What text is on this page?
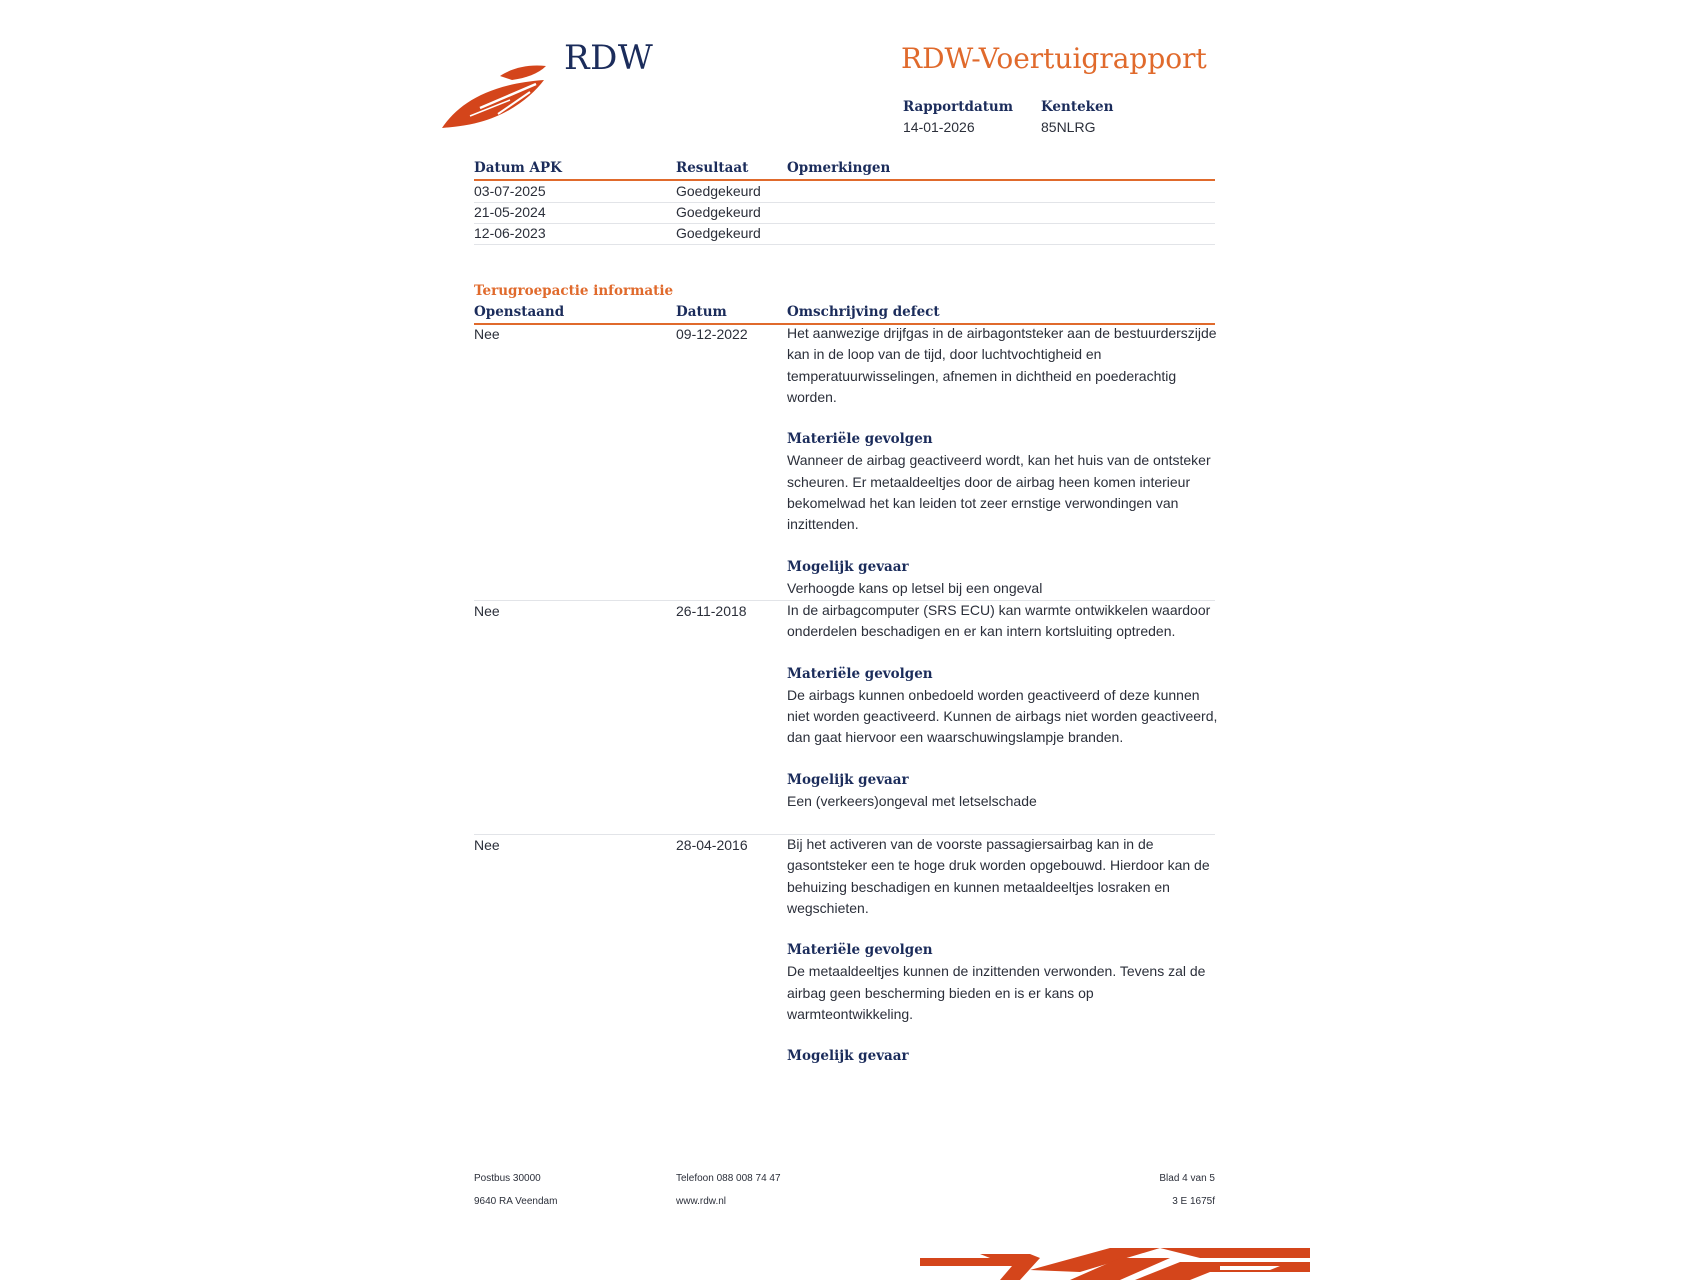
RDW	RDW-Voertuigrapport
Rapportdatum
14-01-2026
Kenteken
85NLRG
Datum APK	Resultaat	Opmerkingen
03-07-2025	Goedgekeurd
21-05-2024	Goedgekeurd
12-06-2023	Goedgekeurd
Terugroepactie informatie
Openstaand	Datum	Omschrijving defect
Nee	09-12-2022	Het aanwezige drijfgas in de airbagontsteker aan de bestuurderszijde kan in de loop van de tijd, door luchtvochtigheid en temperatuurwisselingen, afnemen in dichtheid en poederachtig worden.

Materiële gevolgen

Wanneer de airbag geactiveerd wordt, kan het huis van de ontsteker scheuren. Er metaaldeeltjes door de airbag heen komen interieur bekomelwad het kan leiden tot zeer ernstige verwondingen van inzittenden.

Mogelijk gevaar

Verhoogde kans op letsel bij een ongeval

Nee	26-11-2018	In de airbagcomputer (SRS ECU) kan warmte ontwikkelen waardoor onderdelen beschadigen en er kan intern kortsluiting optreden.

Materiële gevolgen

De airbags kunnen onbedoeld worden geactiveerd of deze kunnen niet worden geactiveerd. Kunnen de airbags niet worden geactiveerd, dan gaat hiervoor een waarschuwingslampje branden.

Mogelijk gevaar

Een (verkeers)ongeval met letselschade

Nee	28-04-2016	Bij het activeren van de voorste passagiersairbag kan in de gasontsteker een te hoge druk worden opgebouwd. Hierdoor kan de behuizing beschadigen en kunnen metaaldeeltjes losraken en wegschieten.

Materiële gevolgen

De metaaldeeltjes kunnen de inzittenden verwonden. Tevens zal de airbag geen bescherming bieden en is er kans op warmteontwikkeling.

Mogelijk gevaar

Postbus 30000
9640 RA Veendam
Telefoon 088 008 74 47
www.rdw.nl
Blad 4 van 5
3 E 1675f
